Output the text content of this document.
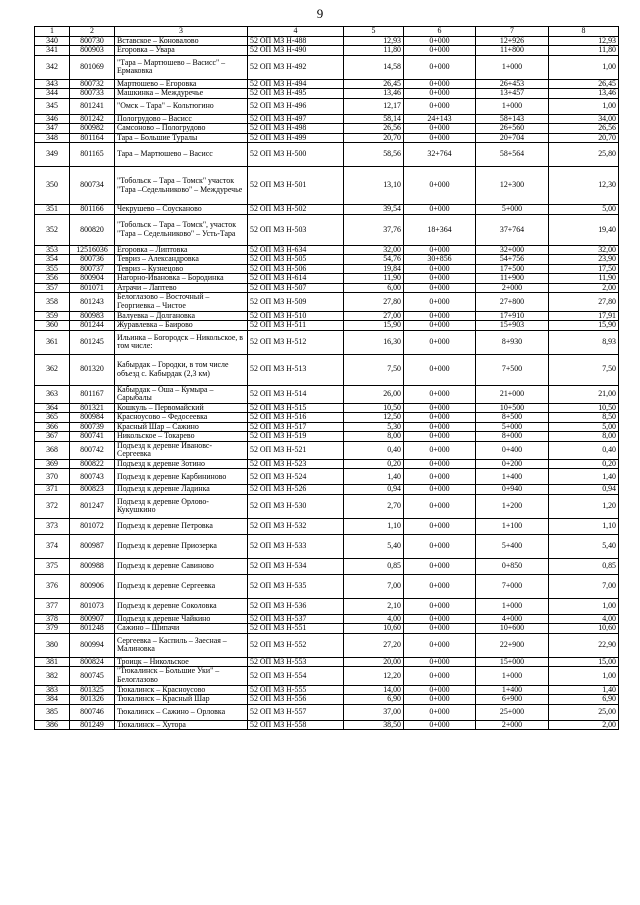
9
1	2	3	4	5	6	7	8
340	800730	Вставское – Коновалово	52 ОП МЗ Н-488	12,93	0+000	12+926	12,93
341	800903	Егоровка – Уварa	52 ОП МЗ Н-490	11,80	0+000	11+800	11,80
342	801069	"Тара – Мартюшево – Васисс" – Ермаковка	52 ОП МЗ Н-492	14,58	0+000	1+000	1,00
343	800732	Мартюшево – Егоровка	52 ОП МЗ Н-494	26,45	0+000	26+453	26,45
344	800733	Машкинка – Междуречье	52 ОП МЗ Н-495	13,46	0+000	13+457	13,46
345	801241	"Омск – Тара" – Кольтюгино	52 ОП МЗ Н-496	12,17	0+000	1+000	1,00
346	801242	Пологрудово – Васисс	52 ОП МЗ Н-497	58,14	24+143	58+143	34,00
347	800982	Самсоново – Пологрудово	52 ОП МЗ Н-498	26,56	0+000	26+560	26,56
348	801164	Тара – Большие Туралы	52 ОП МЗ Н-499	20,70	0+000	20+704	20,70
349	801165	Тара – Мартюшево – Васисс	52 ОП МЗ Н-500	58,56	32+764	58+564	25,80
350	800734	"Тобольск – Тара – Томск" участок "Тара –Седельниково" – Междуречье	52 ОП МЗ Н-501	13,10	0+000	12+300	12,30
351	801166	Чекрушево – Соусканово	52 ОП МЗ Н-502	39,54	0+000	5+000	5,00
352	800820	"Тобольск – Тара – Томск", участок "Тара – Седельниково" – Усть-Тара	52 ОП МЗ Н-503	37,76	18+364	37+764	19,40
353	12516036	Егоровка – Липтовка	52 ОП МЗ Н-634	32,00	0+000	32+000	32,00
354	800736	Тевриз – Александровка	52 ОП МЗ Н-505	54,76	30+856	54+756	23,90
355	800737	Тевриз – Кузнецово	52 ОП МЗ Н-506	19,84	0+000	17+500	17,50
356	800904	Нагорно-Ивановка – Бородинка	52 ОП МЗ Н-614	11,90	0+000	11+900	11,90
357	801071	Атрачи – Лаптево	52 ОП МЗ Н-507	6,00	0+000	2+000	2,00
358	801243	Белоглазово – Восточный – Георгиевка – Чистое	52 ОП МЗ Н-509	27,80	0+000	27+800	27,80
359	800983	Валуевка – Долгановка	52 ОП МЗ Н-510	27,00	0+000	17+910	17,91
360	801244	Журавлевка – Баирово	52 ОП МЗ Н-511	15,90	0+000	15+903	15,90
361	801245	Ильинка – Богородск – Никольское, в том числе:	52 ОП МЗ Н-512	16,30	0+000	8+930	8,93
362	801320	Кабырдак – Городки, в том числе объезд с. Кабырдак (2,3 км)	52 ОП МЗ Н-513	7,50	0+000	7+500	7,50
363	801167	Кабырдак – Оша – Кумыра – Сарыбалы	52 ОП МЗ Н-514	26,00	0+000	21+000	21,00
364	801321	Кошкуль – Первомайский	52 ОП МЗ Н-515	10,50	0+000	10+500	10,50
365	800984	Красноусово – Федосеевка	52 ОП МЗ Н-516	12,50	0+000	8+500	8,50
366	800739	Красный Шар – Сажино	52 ОП МЗ Н-517	5,30	0+000	5+000	5,00
367	800741	Никольское – Токарево	52 ОП МЗ Н-519	8,00	0+000	8+000	8,00
368	800742	Подъезд к деревне Ивановс-Сергеевка	52 ОП МЗ Н-521	0,40	0+000	0+400	0,40
369	800822	Подъезд к деревне Зотино	52 ОП МЗ Н-523	0,20	0+000	0+200	0,20
370	800743	Подъезд к деревне Карбининово	52 ОП МЗ Н-524	1,40	0+000	1+400	1,40
371	800823	Подъезд к деревне Ладинка	52 ОП МЗ Н-526	0,94	0+000	0+940	0,94
372	801247	Подъезд к деревне Орлово-Кукушкино	52 ОП МЗ Н-530	2,70	0+000	1+200	1,20
373	801072	Подъезд к деревне Петровка	52 ОП МЗ Н-532	1,10	0+000	1+100	1,10
374	800987	Подъезд к деревне Приозерка	52 ОП МЗ Н-533	5,40	0+000	5+400	5,40
375	800988	Подъезд к деревне Савиново	52 ОП МЗ Н-534	0,85	0+000	0+850	0,85
376	800906	Подъезд к деревне Сергеевка	52 ОП МЗ Н-535	7,00	0+000	7+000	7,00
377	801073	Подъезд к деревне Соколовка	52 ОП МЗ Н-536	2,10	0+000	1+000	1,00
378	800907	Подъезд к деревне Чайкино	52 ОП МЗ Н-537	4,00	0+000	4+000	4,00
379	801248	Сажино – Шипачи	52 ОП МЗ Н-551	10,60	0+000	10+600	10,60
380	800994	Сергеевка – Каспиль – Заесная – Малиновка	52 ОП МЗ Н-552	27,20	0+000	22+900	22,90
381	800824	Троицк – Никольское	52 ОП МЗ Н-553	20,00	0+000	15+000	15,00
382	800745	"Тюкалинск – Большие Уки" – Белоглазово	52 ОП МЗ Н-554	12,20	0+000	1+000	1,00
383	801325	Тюкалинск – Красноусово	52 ОП МЗ Н-555	14,00	0+000	1+400	1,40
384	801326	Тюкалинск – Красный Шар	52 ОП МЗ Н-556	6,90	0+000	6+900	6,90
385	800746	Тюкалинск – Сажино – Орловка	52 ОП МЗ Н-557	37,00	0+000	25+000	25,00
386	801249	Тюкалинск – Хутора	52 ОП МЗ Н-558	38,50	0+000	2+000	2,00
